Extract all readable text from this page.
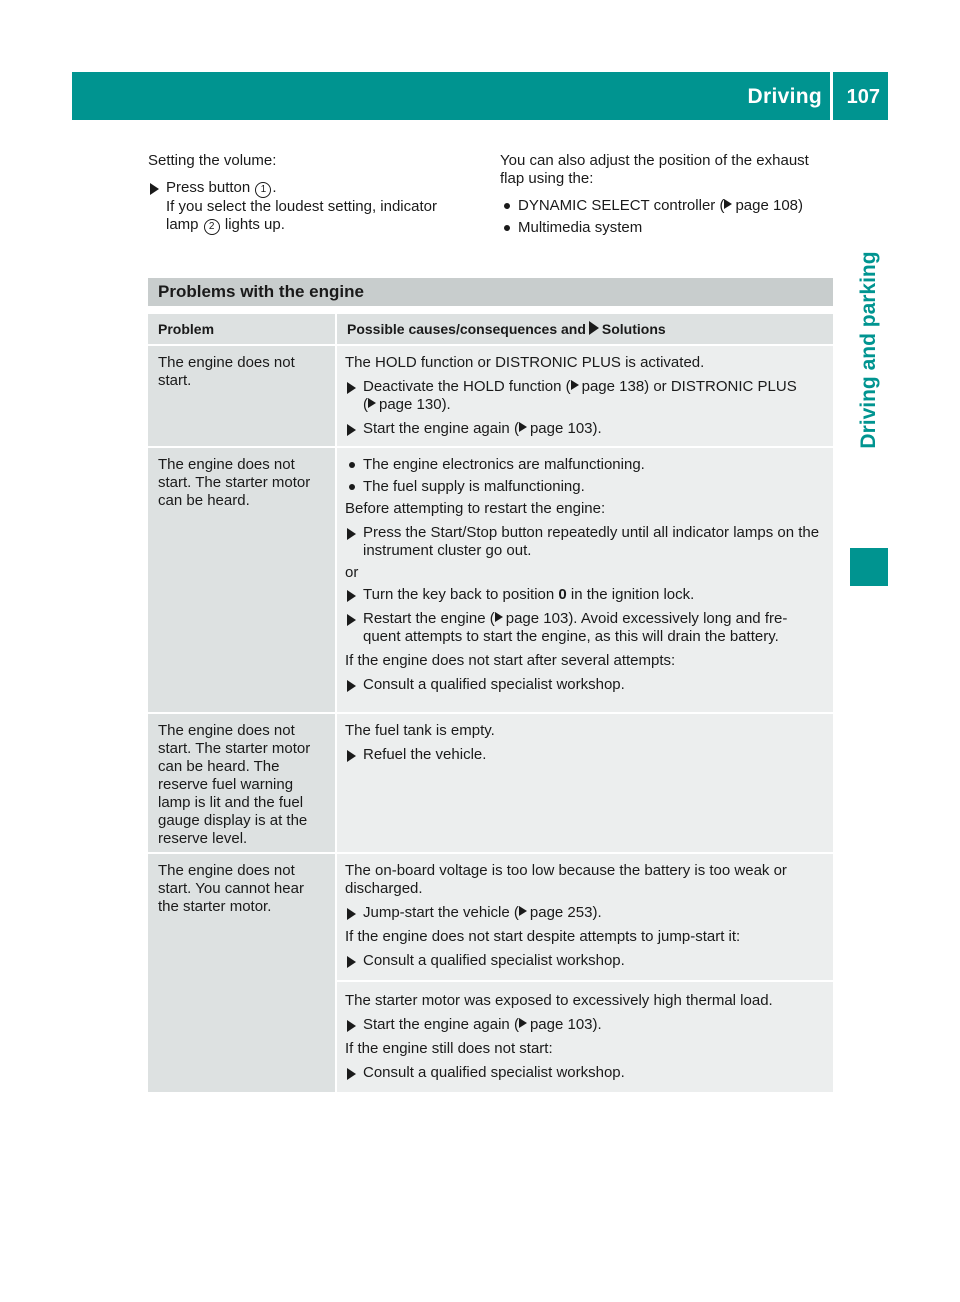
Driving 107
Driving and parking

Setting the volume:

Press button 1 .
If you select the loudest setting, indicator
lamp 2 lights up.

You can also adjust the position of the exhaust
flap using the:

DYNAMIC SELECT controller ( page 108)

Multimedia system

Problems with the engine
Problem	Possible causes/consequences and Solutions
The engine does not start.

The HOLD function or DISTRONIC PLUS is activated.

Deactivate the HOLD function ( page 138) or DISTRONIC PLUS
( page 130).

Start the engine again ( page 103).

The engine does not start. The starter motor can be heard.

The engine electronics are malfunctioning.

The fuel supply is malfunctioning.

Before attempting to restart the engine:

Press the Start/Stop button repeatedly until all indicator lamps on the instrument cluster go out.

or

Turn the key back to position 0 in the ignition lock.

Restart the engine ( page 103). Avoid excessively long and fre-
quent attempts to start the engine, as this will drain the battery.

If the engine does not start after several attempts:

Consult a qualified specialist workshop.

The engine does not start. The starter motor can be heard. The reserve fuel warning lamp is lit and the fuel gauge display is at the reserve level.

The fuel tank is empty.

Refuel the vehicle.

The engine does not start. You cannot hear the starter motor.

The on-board voltage is too low because the battery is too weak or discharged.

Jump-start the vehicle ( page 253).

If the engine does not start despite attempts to jump-start it:

Consult a qualified specialist workshop.

The starter motor was exposed to excessively high thermal load.

Start the engine again ( page 103).

If the engine still does not start:

Consult a qualified specialist workshop.
